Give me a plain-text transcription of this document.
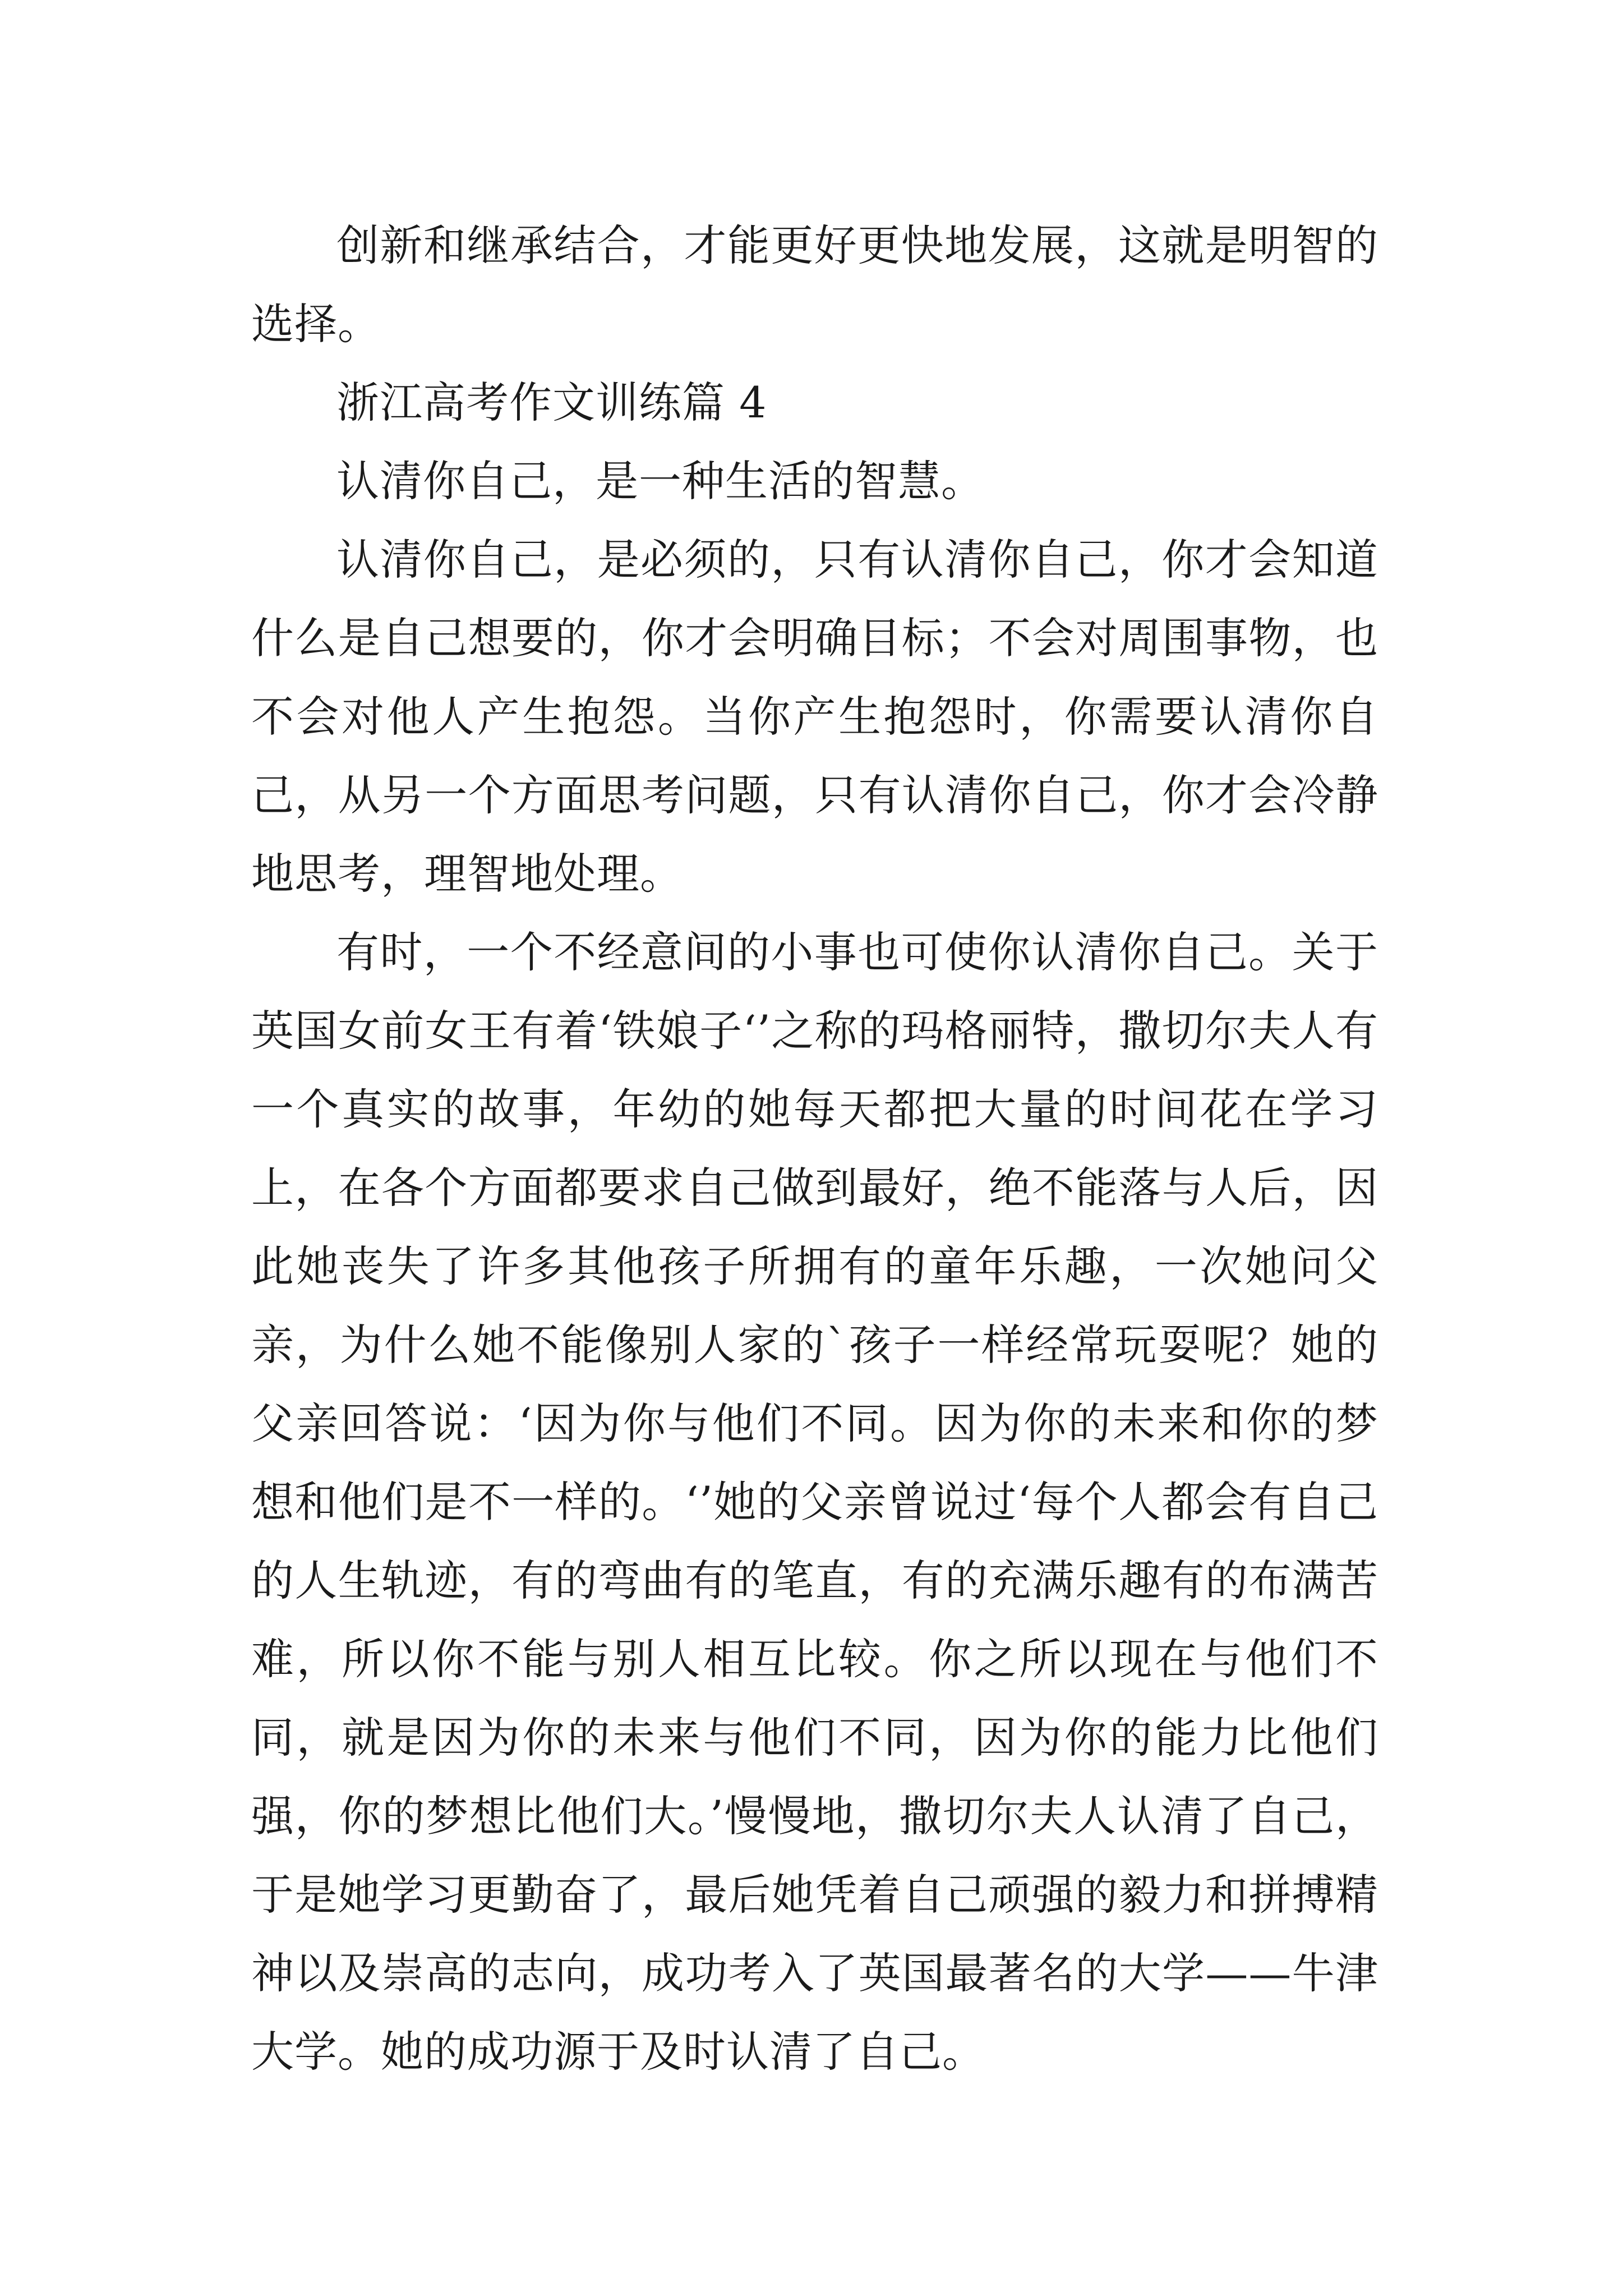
创新和继承结合，才能更好更快地发展，这就是明智的选择。

浙江高考作文训练篇 4

认清你自己，是一种生活的智慧。

认清你自己，是必须的，只有认清你自己，你才会知道什么是自己想要的，你才会明确目标；不会对周围事物，也不会对他人产生抱怨。当你产生抱怨时，你需要认清你自己，从另一个方面思考问题，只有认清你自己，你才会冷静地思考，理智地处理。

有时，一个不经意间的小事也可使你认清你自己。关于英国女前女王有着‘铁娘子‘’之称的玛格丽特，撒切尔夫人有一个真实的故事，年幼的她每天都把大量的时间花在学习上，在各个方面都要求自己做到最好，绝不能落与人后，因此她丧失了许多其他孩子所拥有的童年乐趣，一次她问父亲，为什么她不能像别人家的`孩子一样经常玩耍呢？她的父亲回答说：‘因为你与他们不同。因为你的未来和你的梦想和他们是不一样的。‘’她的父亲曾说过‘每个人都会有自己的人生轨迹，有的弯曲有的笔直，有的充满乐趣有的布满苦难，所以你不能与别人相互比较。你之所以现在与他们不同，就是因为你的未来与他们不同，因为你的能力比他们强，你的梦想比他们大。’慢慢地，撒切尔夫人认清了自己，于是她学习更勤奋了，最后她凭着自己顽强的毅力和拼搏精神以及崇高的志向，成功考入了英国最著名的大学——牛津大学。她的成功源于及时认清了自己。
